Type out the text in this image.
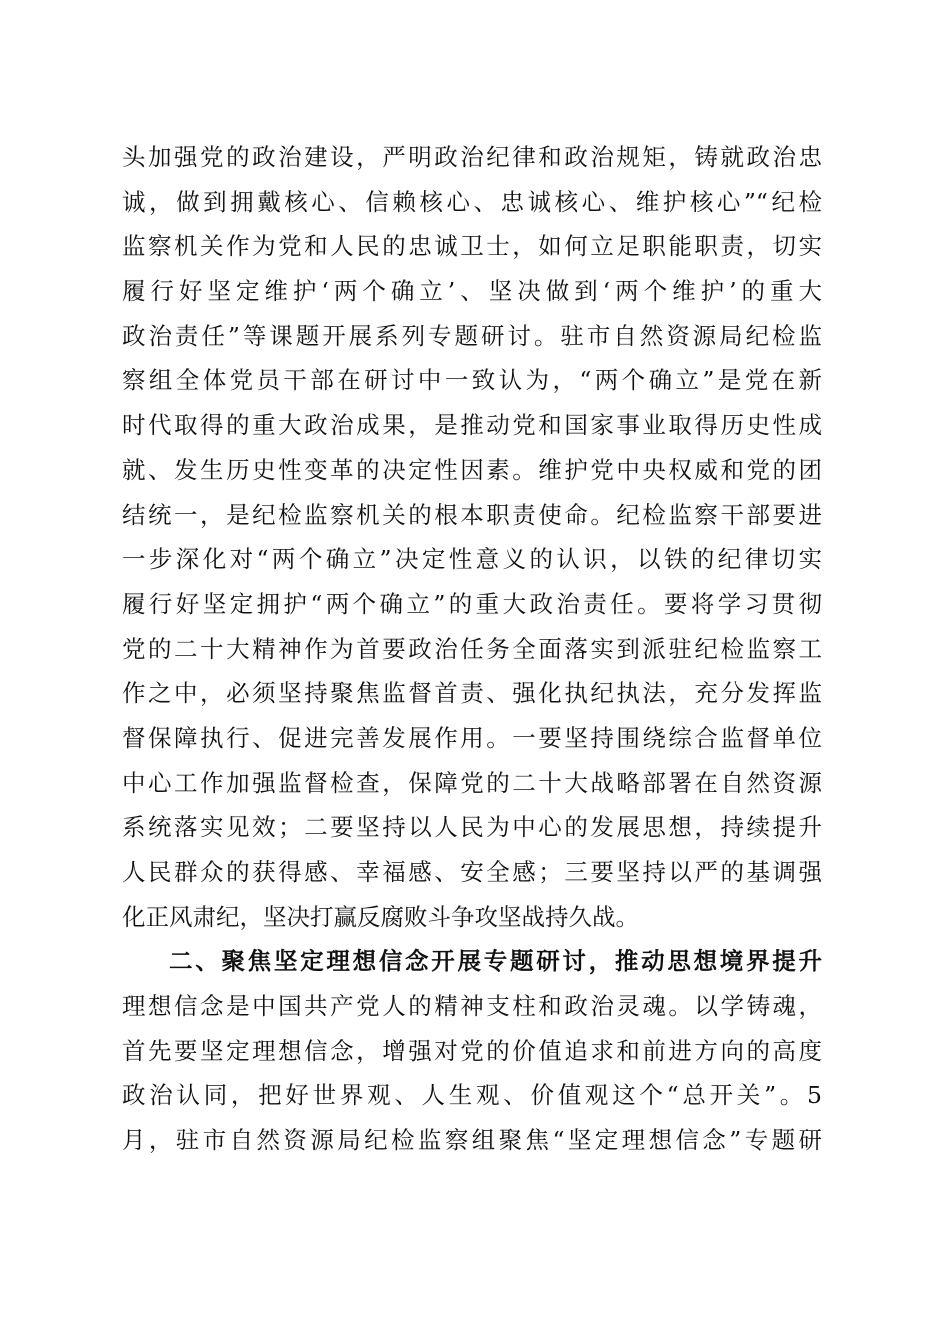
头加强党的政治建设，严明政治纪律和政治规矩，铸就政治忠
诚，做到拥戴核心、信赖核心、忠诚核心、维护核心”“纪检
监察机关作为党和人民的忠诚卫士，如何立足职能职责，切实
履行好坚定维护‘两个确立’、坚决做到‘两个维护’的重大
政治责任”等课题开展系列专题研讨。驻市自然资源局纪检监
察组全体党员干部在研讨中一致认为，“两个确立”是党在新
时代取得的重大政治成果，是推动党和国家事业取得历史性成
就、发生历史性变革的决定性因素。维护党中央权威和党的团
结统一，是纪检监察机关的根本职责使命。纪检监察干部要进
一步深化对“两个确立”决定性意义的认识，以铁的纪律切实
履行好坚定拥护“两个确立”的重大政治责任。要将学习贯彻
党的二十大精神作为首要政治任务全面落实到派驻纪检监察工
作之中，必须坚持聚焦监督首责、强化执纪执法，充分发挥监
督保障执行、促进完善发展作用。一要坚持围绕综合监督单位
中心工作加强监督检查，保障党的二十大战略部署在自然资源
系统落实见效；二要坚持以人民为中心的发展思想，持续提升
人民群众的获得感、幸福感、安全感；三要坚持以严的基调强
化正风肃纪，坚决打赢反腐败斗争攻坚战持久战。
二、聚焦坚定理想信念开展专题研讨，推动思想境界提升
理想信念是中国共产党人的精神支柱和政治灵魂。以学铸魂，
首先要坚定理想信念，增强对党的价值追求和前进方向的高度
政治认同，把好世界观、人生观、价值观这个“总开关”。5
月，驻市自然资源局纪检监察组聚焦“坚定理想信念”专题研
